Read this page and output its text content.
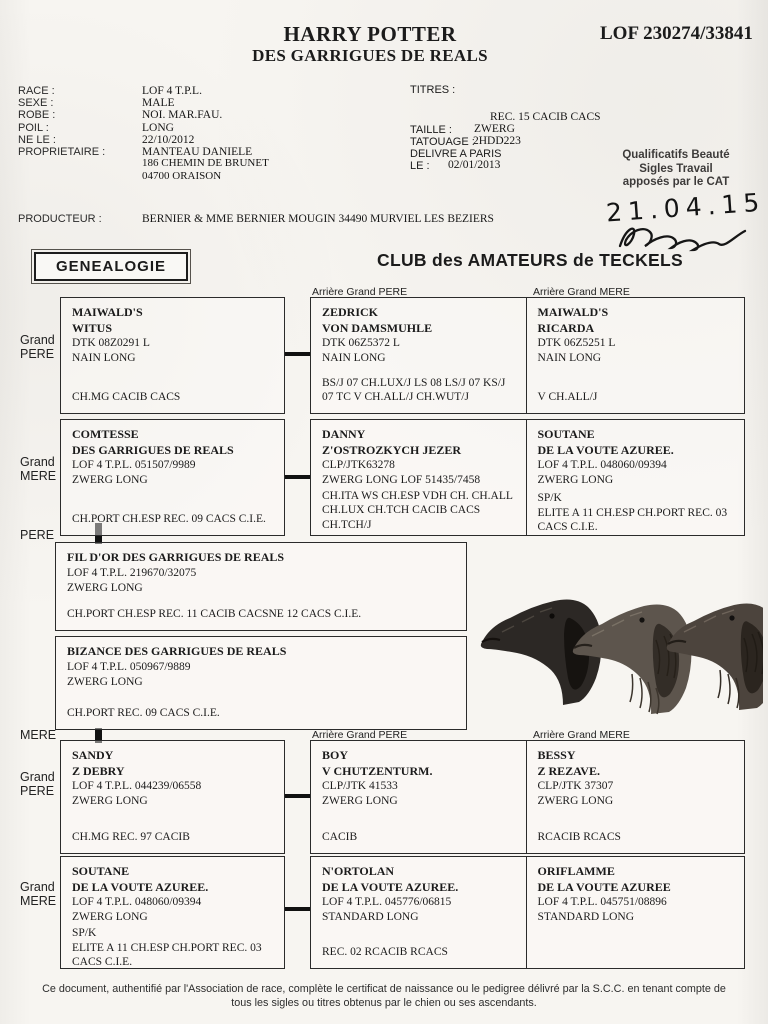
HARRY POTTER
DES GARRIGUES DE REALS
LOF 230274/33841
RACE :	LOF 4 T.P.L.
SEXE :	MALE
ROBE :	NOI. MAR.FAU.
POIL :	LONG
NE LE :	22/10/2012
PROPRIETAIRE :	MANTEAU DANIELE
186 CHEMIN DE BRUNET
04700 ORAISON
PRODUCTEUR :	BERNIER & MME BERNIER MOUGIN 34490 MURVIEL LES BEZIERS
TITRES :
REC. 15 CACIB CACS
TAILLE : ZWERG
TATOUAGE :
2HDD223
DELIVRE A PARIS
LE : 02/01/2013
Qualificatifs Beauté
Sigles Travail
apposés par le CAT
21.04.15
GENEALOGIE	CLUB des AMATEURS de TECKELS
Arrière Grand PERE	Arrière Grand MERE
Grand PERE
Grand MERE
PERE
MERE
Grand PERE
Grand MERE
Arrière Grand PERE	Arrière Grand MERE
MAIWALD'S
WITUS
DTK 08Z0291 L
NAIN LONG
CH.MG CACIB CACS
ZEDRICK
VON DAMSMUHLE
DTK 06Z5372 L
NAIN LONG
BS/J 07 CH.LUX/J LS 08 LS/J 07 KS/J 07 TC V CH.ALL/J CH.WUT/J
MAIWALD'S
RICARDA
DTK 06Z5251 L
NAIN LONG
V CH.ALL/J
COMTESSE
DES GARRIGUES DE REALS
LOF 4 T.P.L. 051507/9989
ZWERG LONG
CH.PORT CH.ESP REC. 09 CACS C.I.E.
DANNY
Z'OSTROZKYCH JEZER
CLP/JTK63278
ZWERG LONG LOF 51435/7458
CH.ITA WS CH.ESP VDH CH. CH.ALL CH.LUX CH.TCH CACIB CACS CH.TCH/J
SOUTANE
DE LA VOUTE AZUREE.
LOF 4 T.P.L. 048060/09394
ZWERG LONG
SP/K
ELITE A 11 CH.ESP CH.PORT REC. 03 CACS C.I.E.
FIL D'OR DES GARRIGUES DE REALS
LOF 4 T.P.L. 219670/32075
ZWERG LONG
CH.PORT CH.ESP REC. 11 CACIB CACSNE 12 CACS C.I.E.
BIZANCE DES GARRIGUES DE REALS
LOF 4 T.P.L. 050967/9889
ZWERG LONG
CH.PORT REC. 09 CACS C.I.E.
SANDY
Z DEBRY
LOF 4 T.P.L. 044239/06558
ZWERG LONG
CH.MG REC. 97 CACIB
BOY
V CHUTZENTURM.
CLP/JTK 41533
ZWERG LONG
CACIB
BESSY
Z REZAVE.
CLP/JTK 37307
ZWERG LONG
RCACIB RCACS
SOUTANE
DE LA VOUTE AZUREE.
LOF 4 T.P.L. 048060/09394
ZWERG LONG
SP/K
ELITE A 11 CH.ESP CH.PORT REC. 03 CACS C.I.E.
N'ORTOLAN
DE LA VOUTE AZUREE.
LOF 4 T.P.L. 045776/06815
STANDARD LONG
REC. 02 RCACIB RCACS
ORIFLAMME
DE LA VOUTE AZUREE
LOF 4 T.P.L. 045751/08896
STANDARD LONG
Ce document, authentifié par l'Association de race, complète le certificat de naissance ou le pedigree délivré par la S.C.C. en tenant compte de
tous les sigles ou titres obtenus par le chien ou ses ascendants.
